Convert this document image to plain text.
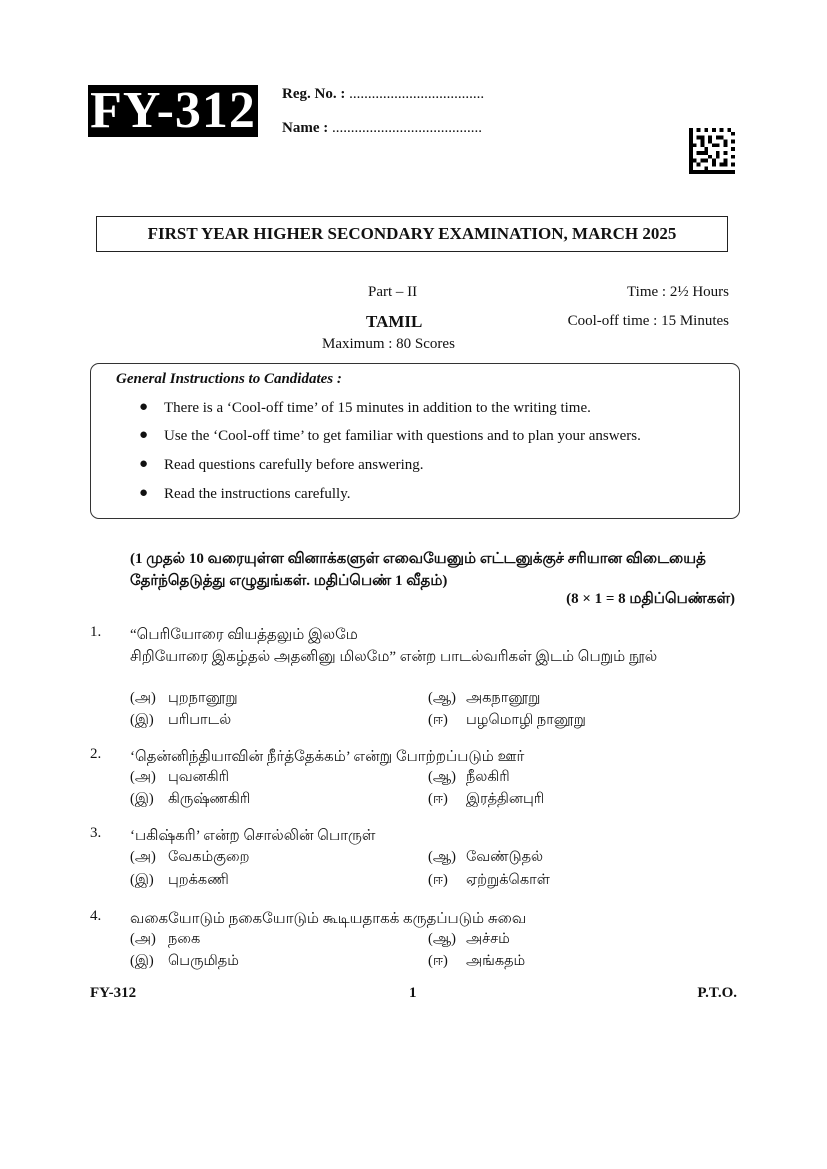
FY-312 Reg. No. : ....................................
Name : ........................................
FIRST YEAR HIGHER SECONDARY EXAMINATION, MARCH 2025
Part – II	Time : 2½ Hours
TAMIL	Cool-off time : 15 Minutes
Maximum : 80 Scores
General Instructions to Candidates :
● There is a ‘Cool-off time’ of 15 minutes in addition to the writing time.
● Use the ‘Cool-off time’ to get familiar with questions and to plan your answers.
● Read questions carefully before answering.
● Read the instructions carefully.
(1 முதல் 10 வரையுள்ள வினாக்களுள் எவையேனும் எட்டனுக்குச் சரியான விடையைத் தேர்ந்தெடுத்து எழுதுங்கள். மதிப்பெண் 1 வீதம்)
(8 × 1 = 8 மதிப்பெண்கள்)
1. “பெரியோரை வியத்தலும் இலமே
சிறியோரை இகழ்தல் அதனினு மிலமே” என்ற பாடல்வரிகள் இடம் பெறும் நூல்
(அ) புறநானூறு	(ஆ) அகநானூறு
(இ) பரிபாடல்	(ஈ) பழமொழி நானூறு
2. ‘தென்னிந்தியாவின் நீர்த்தேக்கம்’ என்று போற்றப்படும் ஊர்
(அ) புவனகிரி	(ஆ) நீலகிரி
(இ) கிருஷ்ணகிரி	(ஈ) இரத்தினபுரி
3. ‘பகிஷ்கரி’ என்ற சொல்லின் பொருள்
(அ) வேகம்குறை	(ஆ) வேண்டுதல்
(இ) புறக்கணி	(ஈ) ஏற்றுக்கொள்
4. வகையோடும் நகையோடும் கூடியதாகக் கருதப்படும் சுவை
(அ) நகை	(ஆ) அச்சம்
(இ) பெருமிதம்	(ஈ) அங்கதம்
FY-312	1	P.T.O.
